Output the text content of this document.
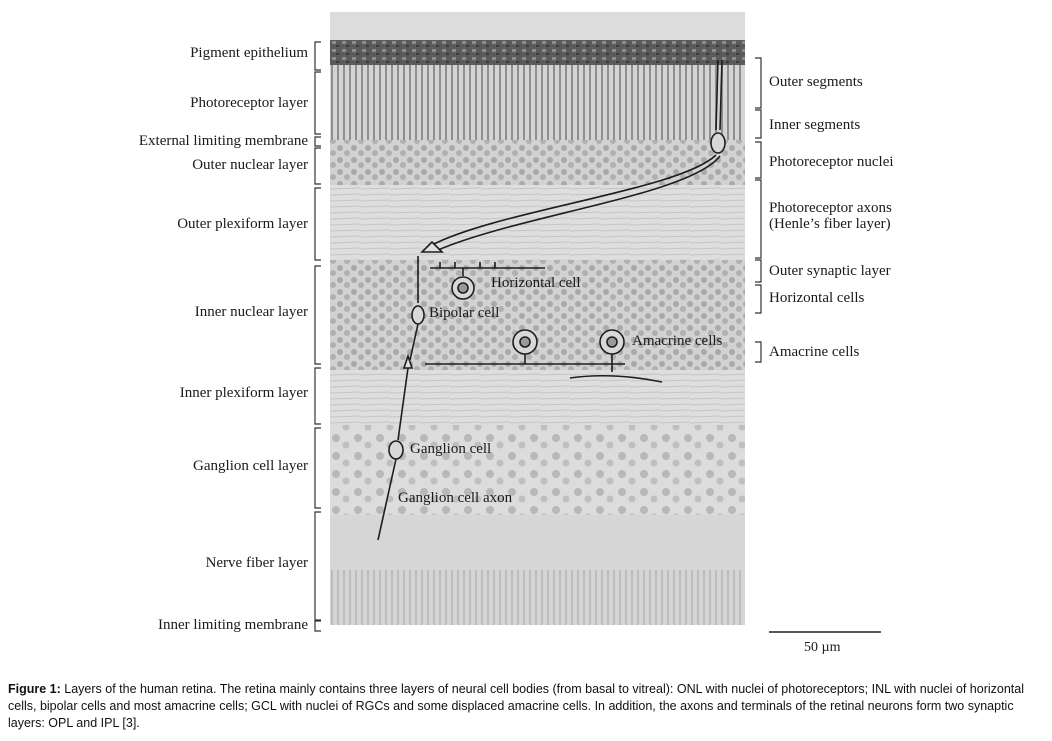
Pigment epithelium
Photoreceptor layer
External limiting membrane
Outer nuclear layer
Outer plexiform layer
Inner nuclear layer
Inner plexiform layer
Ganglion cell layer
Nerve fiber layer
Inner limiting membrane
Outer segments
Inner segments
Photoreceptor nuclei
Photoreceptor axons
(Henle’s fiber layer)
Outer synaptic layer
Horizontal cells
Amacrine cells
Horizontal cell
Bipolar cell
Amacrine cells
Ganglion cell
Ganglion cell axon
50 µm
Figure 1: Layers of the human retina. The retina mainly contains three layers of neural cell bodies (from basal to vitreal): ONL with nuclei of photoreceptors; INL with nuclei of horizontal cells, bipolar cells and most amacrine cells; GCL with nuclei of RGCs and some displaced amacrine cells. In addition, the axons and terminals of the retinal neurons form two synaptic layers: OPL and IPL [3].
